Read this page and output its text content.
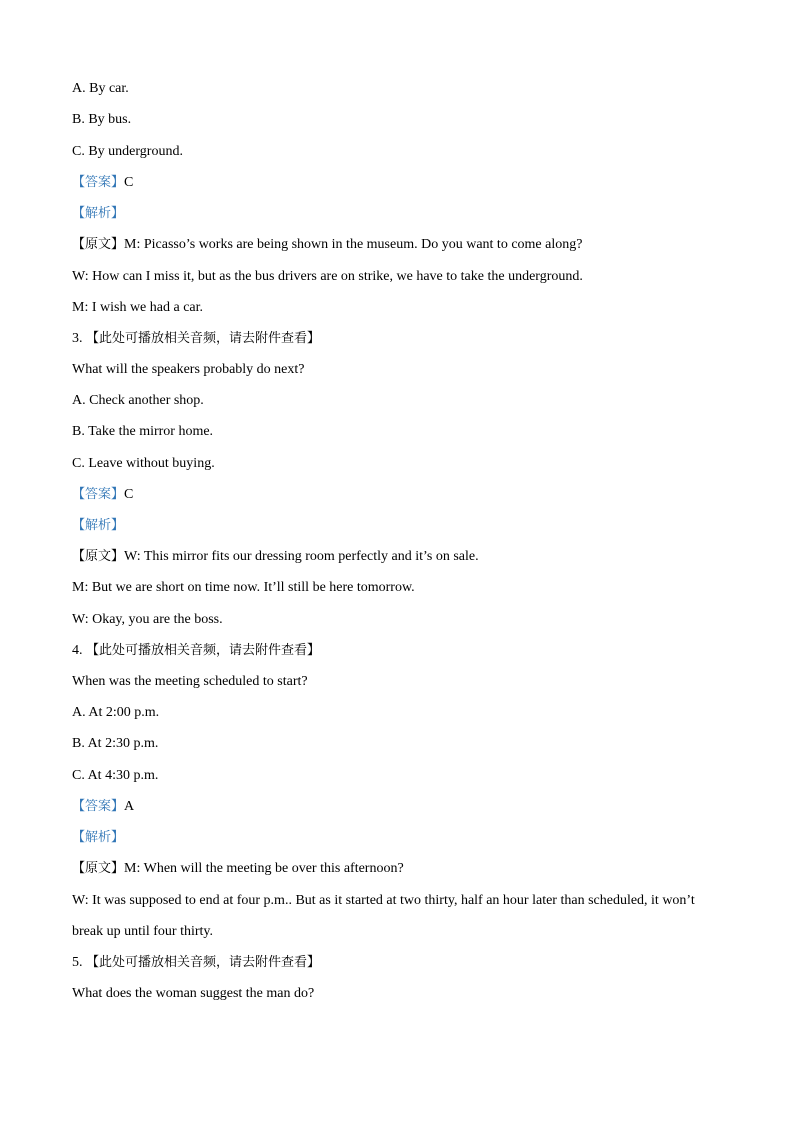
A. By car.
B. By bus.
C. By underground.
【答案】C
【解析】
【原文】M: Picasso’s works are being shown in the museum. Do you want to come along?
W: How can I miss it, but as the bus drivers are on strike, we have to take the underground.
M: I wish we had a car.
3. 【此处可播放相关音频，请去附件查看】
What will the speakers probably do next?
A. Check another shop.
B. Take the mirror home.
C. Leave without buying.
【答案】C
【解析】
【原文】W: This mirror fits our dressing room perfectly and it’s on sale.
M: But we are short on time now. It’ll still be here tomorrow.
W: Okay, you are the boss.
4. 【此处可播放相关音频，请去附件查看】
When was the meeting scheduled to start?
A. At 2:00 p.m.
B. At 2:30 p.m.
C. At 4:30 p.m.
【答案】A
【解析】
【原文】M: When will the meeting be over this afternoon?
W: It was supposed to end at four p.m.. But as it started at two thirty, half an hour later than scheduled, it won’t
break up until four thirty.
5. 【此处可播放相关音频，请去附件查看】
What does the woman suggest the man do?
